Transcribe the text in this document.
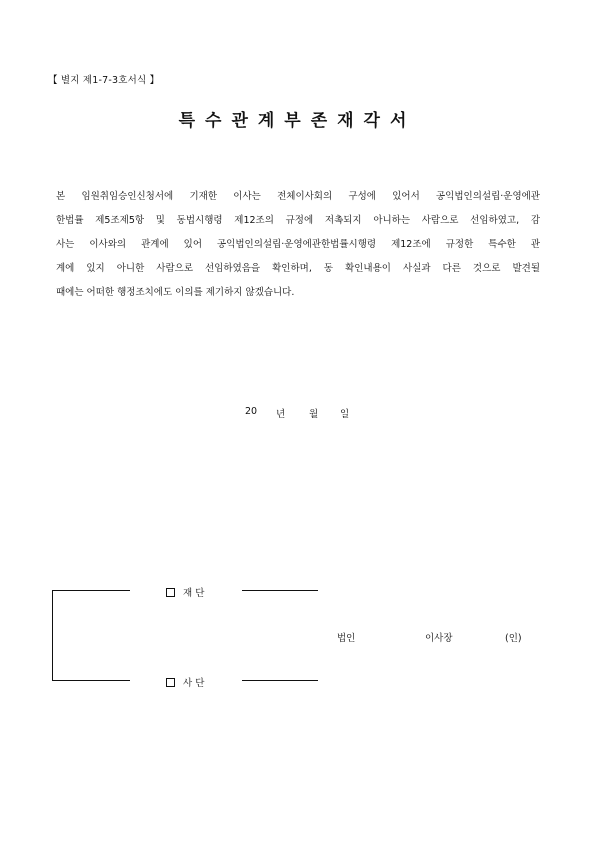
【 별지 제1-7-3호서식 】
특수관계부존재각서
본 임원취임승인신청서에 기재한 이사는 전체이사회의 구성에 있어서 공익법인의설립·운영에관
한법률 제5조제5항 및 동법시행령 제12조의 규정에 저촉되지 아니하는 사람으로 선임하였고, 감
사는 이사와의 관계에 있어 공익법인의설립·운영에관한법률시행령 제12조에 규정한 특수한 관
계에 있지 아니한 사람으로 선임하였음을 확인하며, 동 확인내용이 사실과 다른 것으로 발견될
때에는 어떠한 행정조치에도 이의를 제기하지 않겠습니다.
20 년	월 일
재 단
사 단
법인	이사장	(인)
